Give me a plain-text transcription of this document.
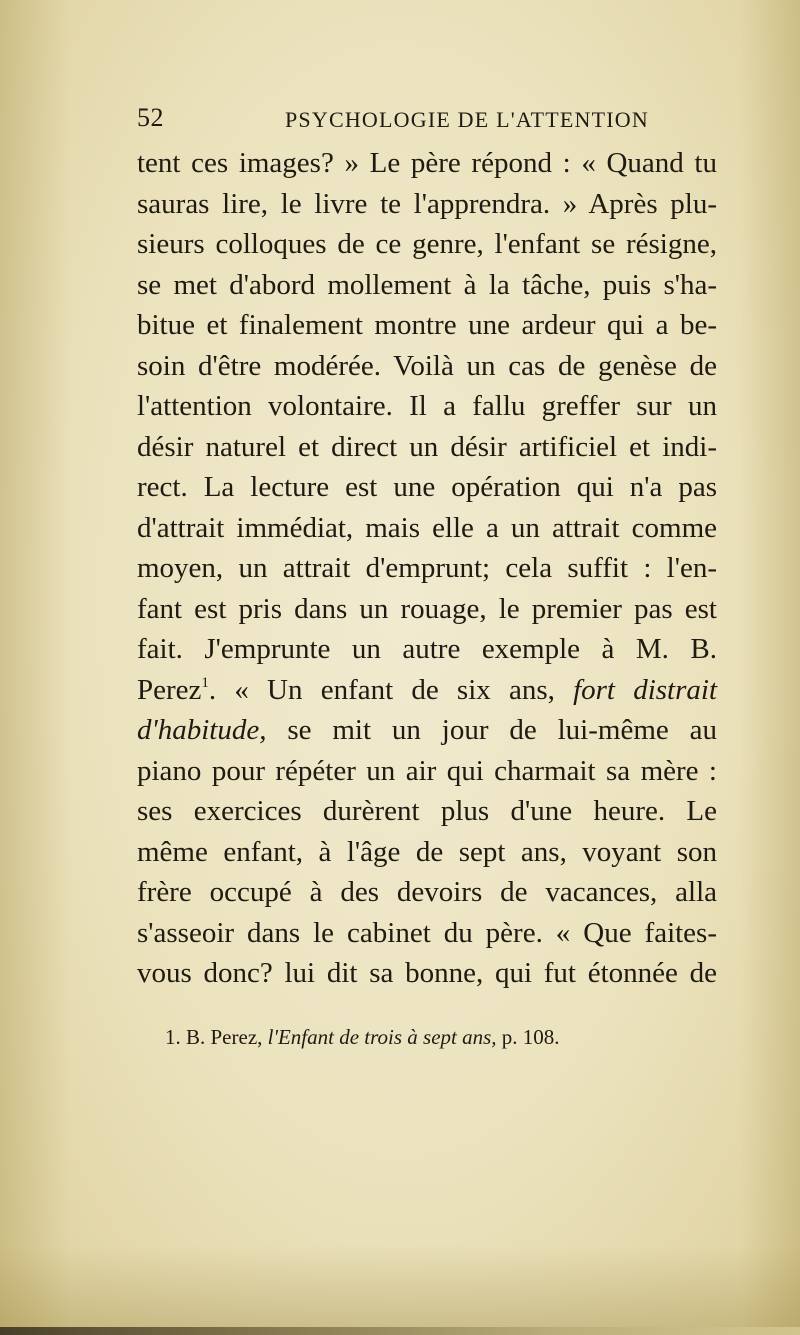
52	PSYCHOLOGIE DE L'ATTENTION
tent ces images? » Le père répond : « Quand tu
sauras lire, le livre te l'apprendra. » Après plu-
sieurs colloques de ce genre, l'enfant se résigne,
se met d'abord mollement à la tâche, puis s'ha-
bitue et finalement montre une ardeur qui a be-
soin d'être modérée. Voilà un cas de genèse de
l'attention volontaire. Il a fallu greffer sur un
désir naturel et direct un désir artificiel et indi-
rect. La lecture est une opération qui n'a pas
d'attrait immédiat, mais elle a un attrait comme
moyen, un attrait d'emprunt; cela suffit : l'en-
fant est pris dans un rouage, le premier pas est
fait. J'emprunte un autre exemple à M. B.
Perez$^1$. « Un enfant de six ans, fort distrait
d'habitude, se mit un jour de lui-même au
piano pour répéter un air qui charmait sa mère :
ses exercices durèrent plus d'une heure. Le
même enfant, à l'âge de sept ans, voyant son
frère occupé à des devoirs de vacances, alla
s'asseoir dans le cabinet du père. « Que faites-
vous donc? lui dit sa bonne, qui fut étonnée de
1. B. Perez, l'Enfant de trois à sept ans, p. 108.
